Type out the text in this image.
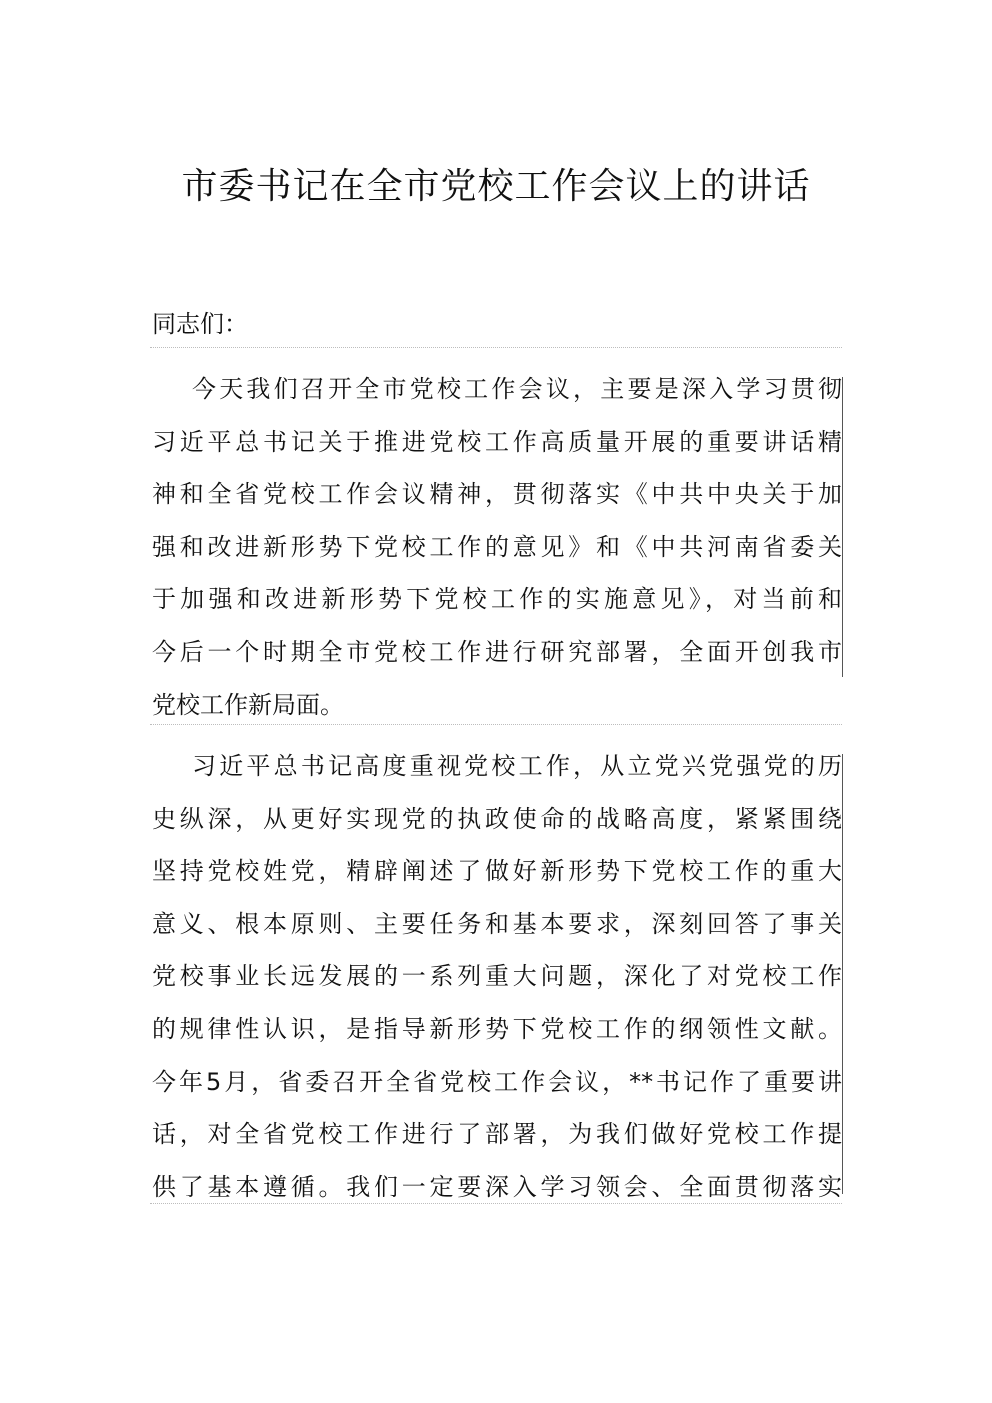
市委书记在全市党校工作会议上的讲话
同志们：
今天我们召开全市党校工作会议，主要是深入学习贯彻
习近平总书记关于推进党校工作高质量开展的重要讲话精
神和全省党校工作会议精神，贯彻落实《中共中央关于加
强和改进新形势下党校工作的意见》和《中共河南省委关
于加强和改进新形势下党校工作的实施意见》，对当前和
今后一个时期全市党校工作进行研究部署，全面开创我市
党校工作新局面。
习近平总书记高度重视党校工作，从立党兴党强党的历
史纵深，从更好实现党的执政使命的战略高度，紧紧围绕
坚持党校姓党，精辟阐述了做好新形势下党校工作的重大
意义、根本原则、主要任务和基本要求，深刻回答了事关
党校事业长远发展的一系列重大问题，深化了对党校工作
的规律性认识，是指导新形势下党校工作的纲领性文献。
今年5月，省委召开全省党校工作会议，**书记作了重要讲
话，对全省党校工作进行了部署，为我们做好党校工作提
供了基本遵循。我们一定要深入学习领会、全面贯彻落实
